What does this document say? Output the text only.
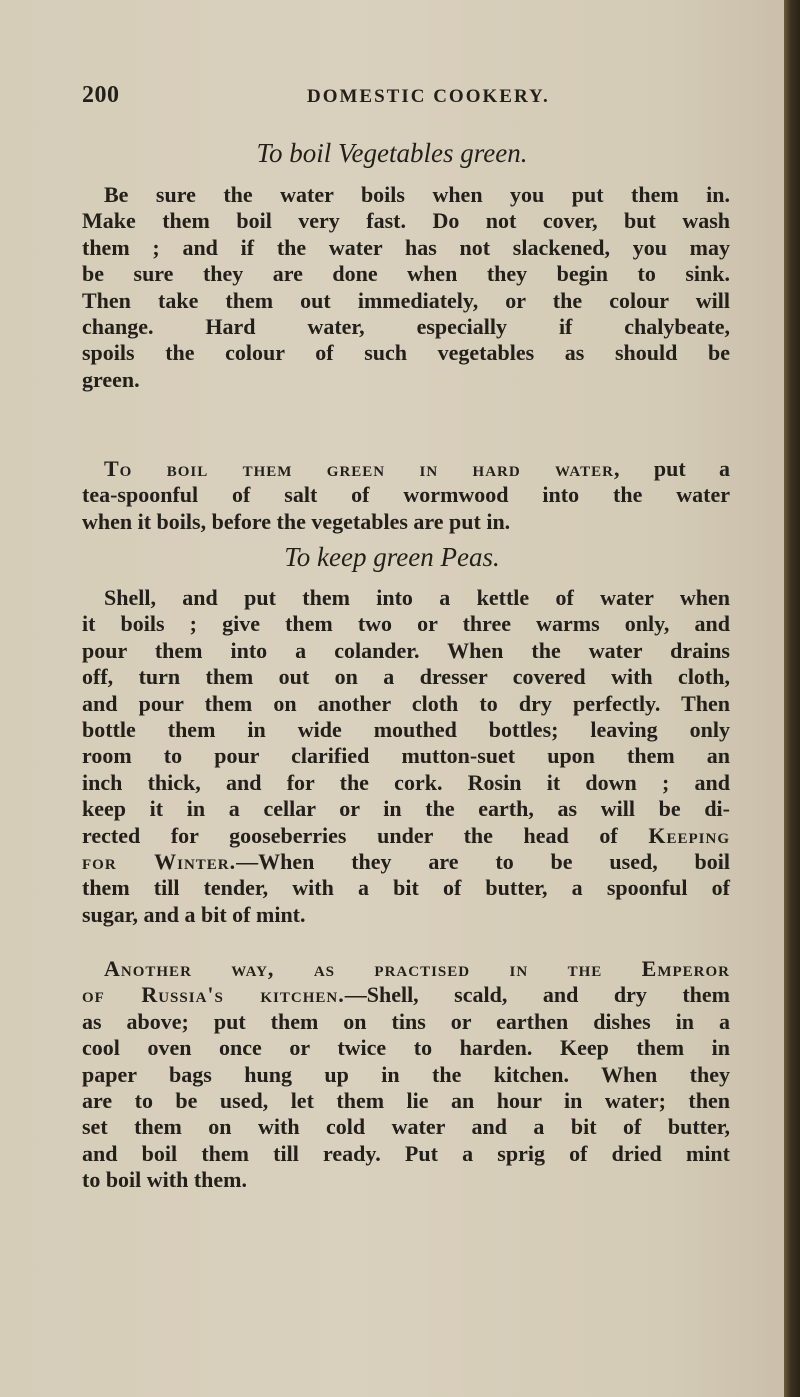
200	DOMESTIC COOKERY.
To boil Vegetables green.

Be sure the water boils when you put them in.
Make them boil very fast. Do not cover, but wash
them ; and if the water has not slackened, you may
be sure they are done when they begin to sink.
Then take them out immediately, or the colour will
change. Hard water, especially if chalybeate,
spoils the colour of such vegetables as should be
green.

To boil them green in hard water, put a
tea-spoonful of salt of wormwood into the water
when it boils, before the vegetables are put in.

To keep green Peas.

Shell, and put them into a kettle of water when
it boils ; give them two or three warms only, and
pour them into a colander. When the water drains
off, turn them out on a dresser covered with cloth,
and pour them on another cloth to dry perfectly. Then
bottle them in wide mouthed bottles; leaving only
room to pour clarified mutton-suet upon them an
inch thick, and for the cork. Rosin it down ; and
keep it in a cellar or in the earth, as will be di-
rected for gooseberries under the head of Keeping
for Winter.—When they are to be used, boil
them till tender, with a bit of butter, a spoonful of
sugar, and a bit of mint.

Another way, as practised in the Emperor
of Russia's kitchen.—Shell, scald, and dry them
as above; put them on tins or earthen dishes in a
cool oven once or twice to harden. Keep them in
paper bags hung up in the kitchen. When they
are to be used, let them lie an hour in water; then
set them on with cold water and a bit of butter,
and boil them till ready. Put a sprig of dried mint
to boil with them.
